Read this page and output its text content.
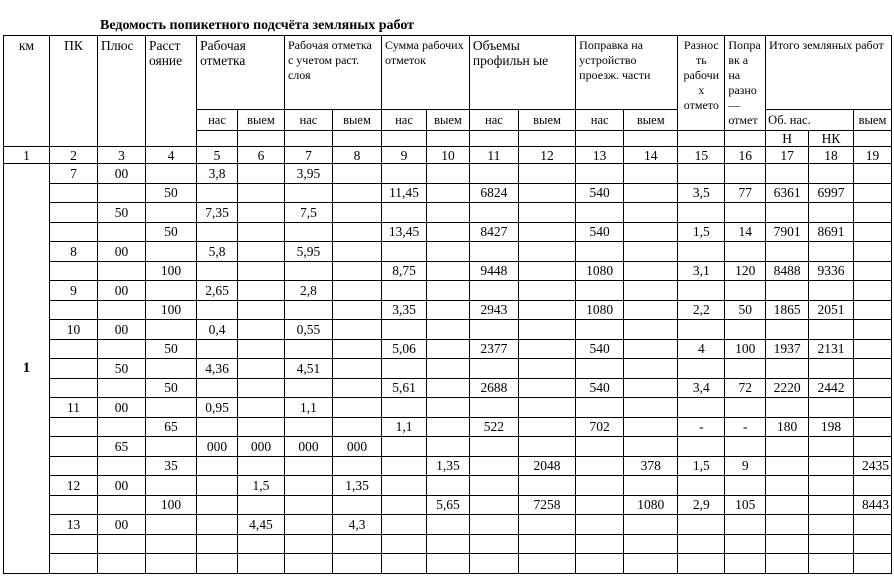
Ведомость попикетного подсчёта земляных работ
км	ПК	Плюс	Расст ояние	Рабочая отметка		Рабочая отметка с учетом раст. слоя		Сумма рабочих отметок		Объемы профильн ые		Поправка на устройство проезж. части		Разнос ть рабочи х отмето	Попра вк а на разно — отмет	Итого земляных работ		
				нас	выем	нас	выем	нас	выем	нас	выем	нас	выем			Об. нас.		выем
																Н	НК	
1	2	3	4	5	6	7	8	9	10	11	12	13	14	15	16	17	18	19
1	7	00		3,8		3,95												
			50					11,45		6824		540		3,5	77	6361	6997	
		50		7,35		7,5												
			50					13,45		8427		540		1,5	14	7901	8691	
	8	00		5,8		5,95												
			100					8,75		9448		1080		3,1	120	8488	9336	
	9	00		2,65		2,8												
			100					3,35		2943		1080		2,2	50	1865	2051	
	10	00		0,4		0,55												
			50					5,06		2377		540		4	100	1937	2131	
		50		4,36		4,51												
			50					5,61		2688		540		3,4	72	2220	2442	
	11	00		0,95		1,1												
			65					1,1		522		702		-	-	180	198	
		65		000	000	000	000											
			35						1,35		2048		378	1,5	9			2435
	12	00			1,5		1,35											
			100						5,65		7258		1080	2,9	105			8443
	13	00			4,45		4,3											
